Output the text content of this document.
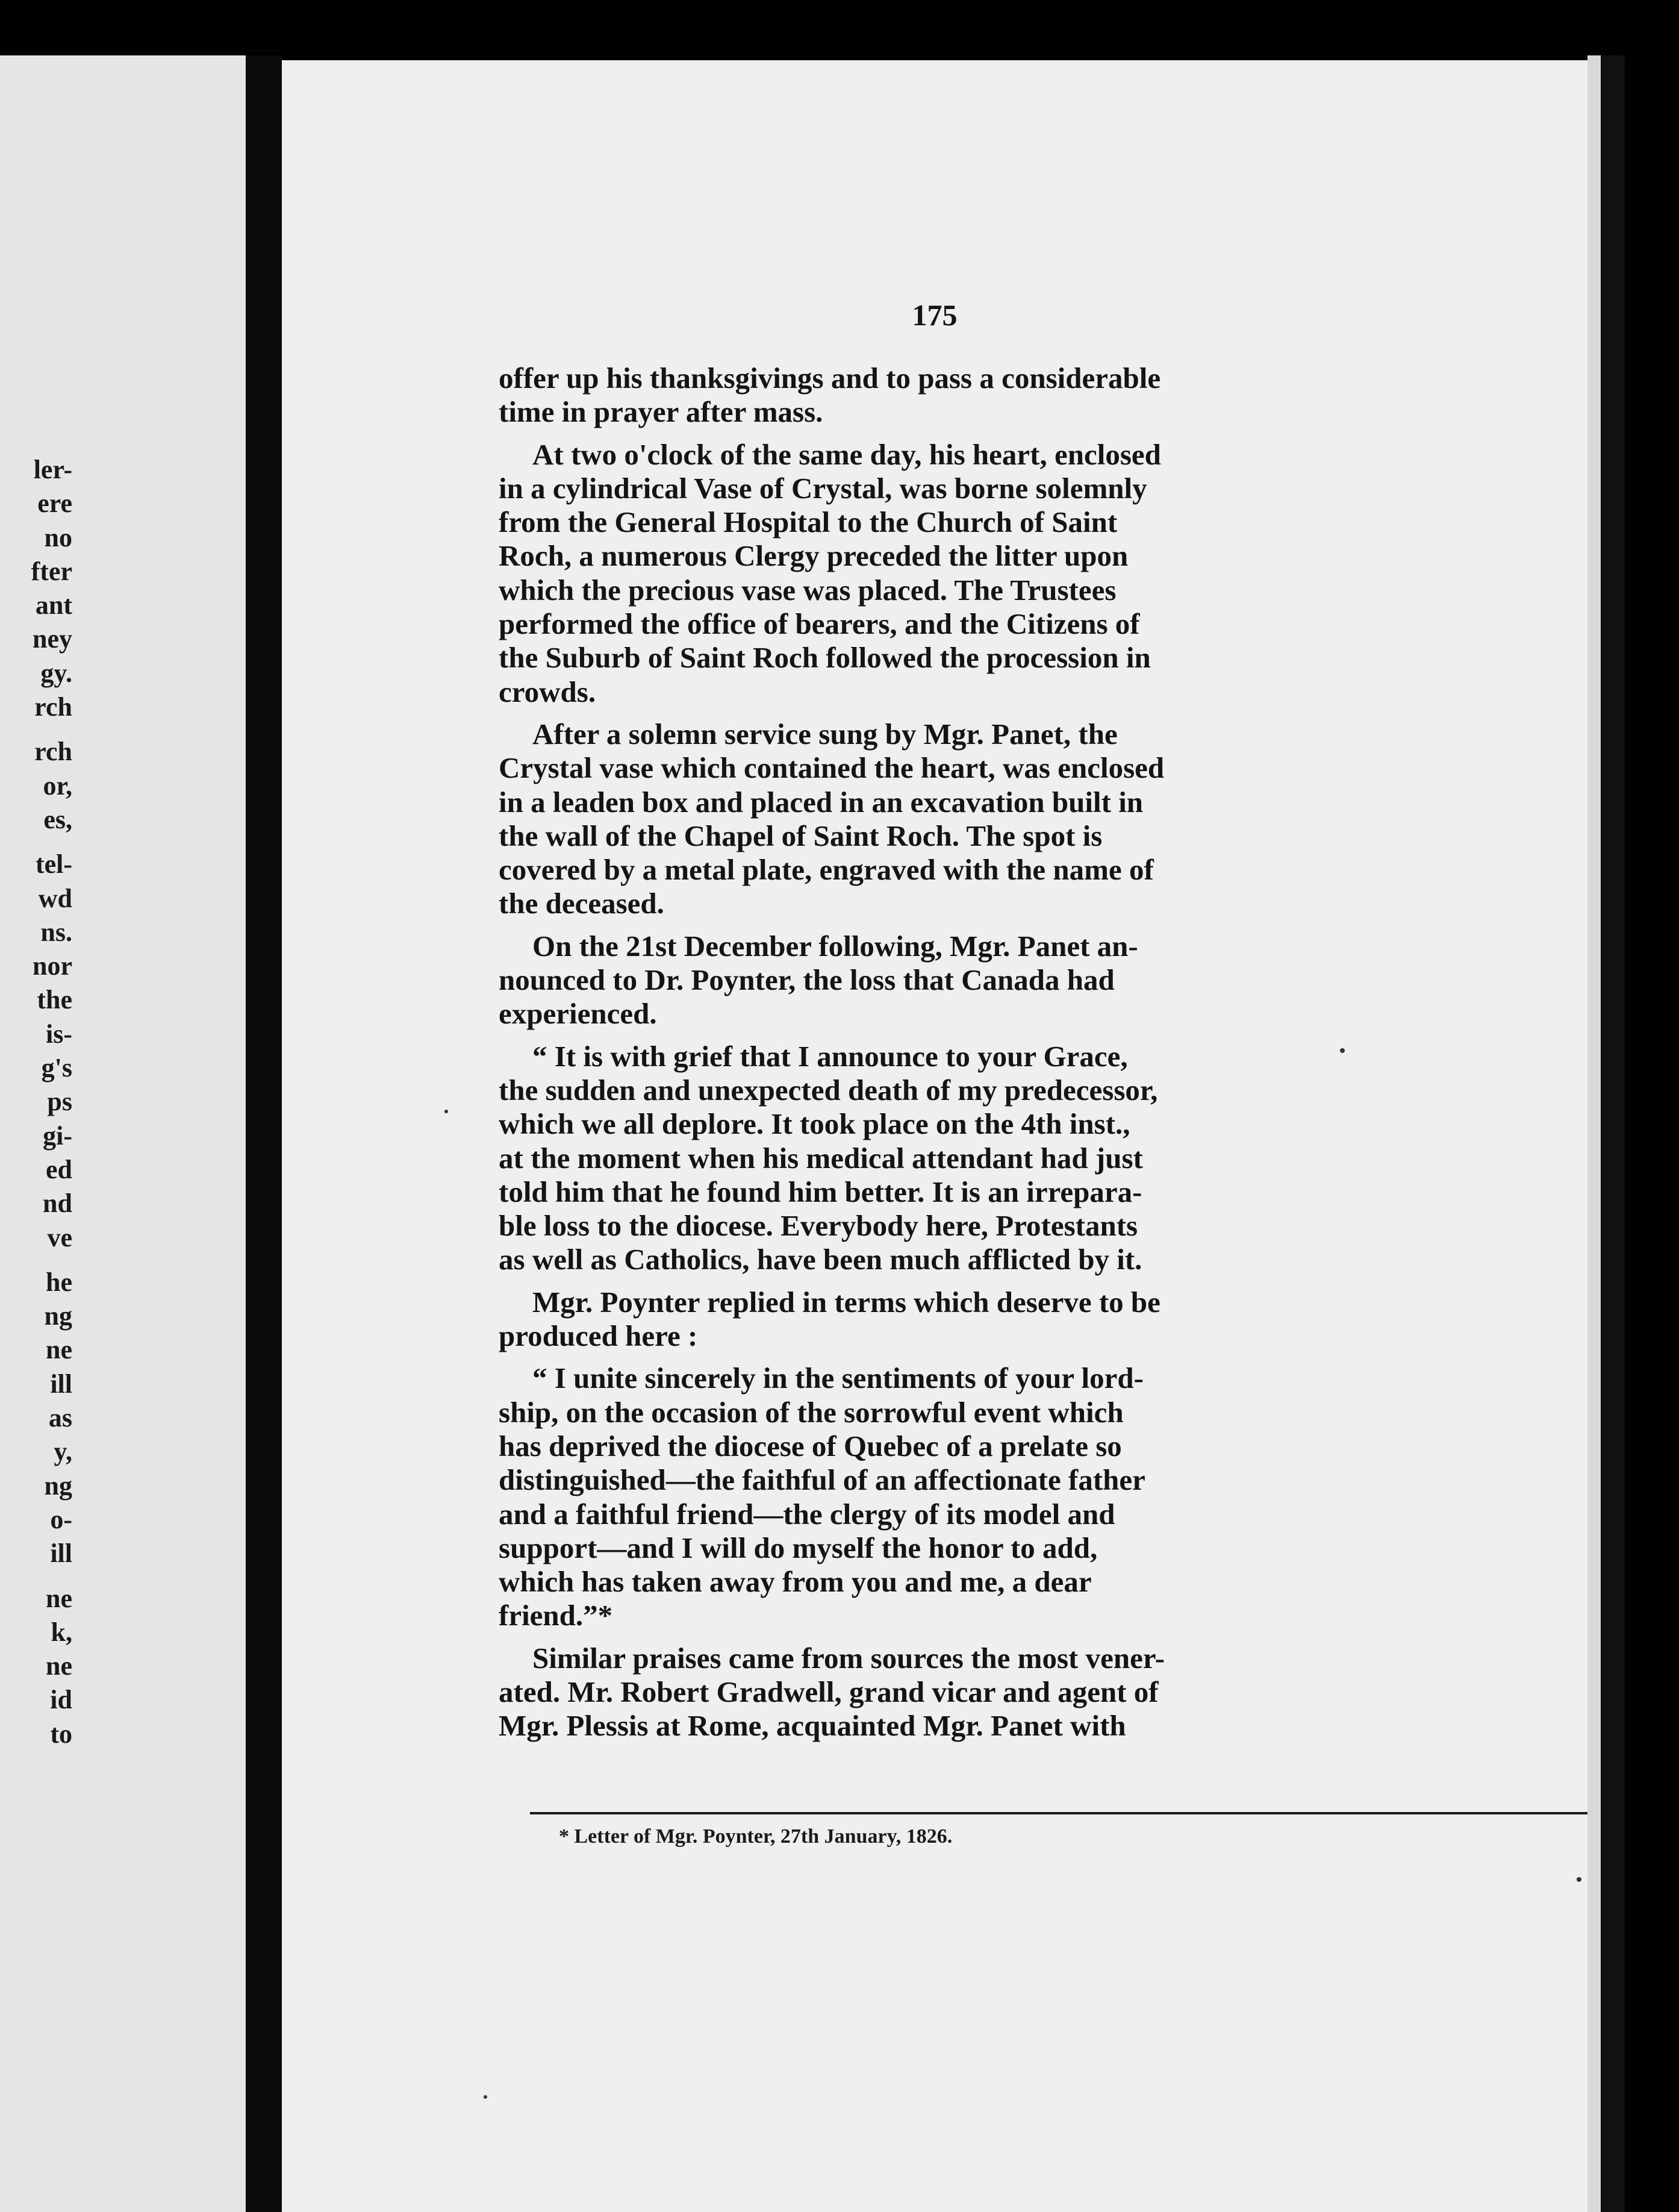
ler-
ere
no
fter
ant
ney
gy.
rch

rch
or,
es,

tel-
wd
ns.
nor
the
is-
g's
ps
gi-
ed
nd
ve

he
ng
ne
ill
as
y,
ng
o-
ill

ne
k,
ne
id
to
175
offer up his thanksgivings and to pass a considerable
time in prayer after mass.
At two o'clock of the same day, his heart, enclosed
in a cylindrical Vase of Crystal, was borne solemnly
from the General Hospital to the Church of Saint
Roch, a numerous Clergy preceded the litter upon
which the precious vase was placed. The Trustees
performed the office of bearers, and the Citizens of
the Suburb of Saint Roch followed the procession in
crowds.
After a solemn service sung by Mgr. Panet, the
Crystal vase which contained the heart, was enclosed
in a leaden box and placed in an excavation built in
the wall of the Chapel of Saint Roch. The spot is
covered by a metal plate, engraved with the name of
the deceased.
On the 21st December following, Mgr. Panet an-
nounced to Dr. Poynter, the loss that Canada had
experienced.
“ It is with grief that I announce to your Grace,
the sudden and unexpected death of my predecessor,
which we all deplore. It took place on the 4th inst.,
at the moment when his medical attendant had just
told him that he found him better. It is an irrepara-
ble loss to the diocese. Everybody here, Protestants
as well as Catholics, have been much afflicted by it.
Mgr. Poynter replied in terms which deserve to be
produced here :
“ I unite sincerely in the sentiments of your lord-
ship, on the occasion of the sorrowful event which
has deprived the diocese of Quebec of a prelate so
distinguished—the faithful of an affectionate father
and a faithful friend—the clergy of its model and
support—and I will do myself the honor to add,
which has taken away from you and me, a dear
friend.”*
Similar praises came from sources the most vener-
ated. Mr. Robert Gradwell, grand vicar and agent of
Mgr. Plessis at Rome, acquainted Mgr. Panet with
* Letter of Mgr. Poynter, 27th January, 1826.
